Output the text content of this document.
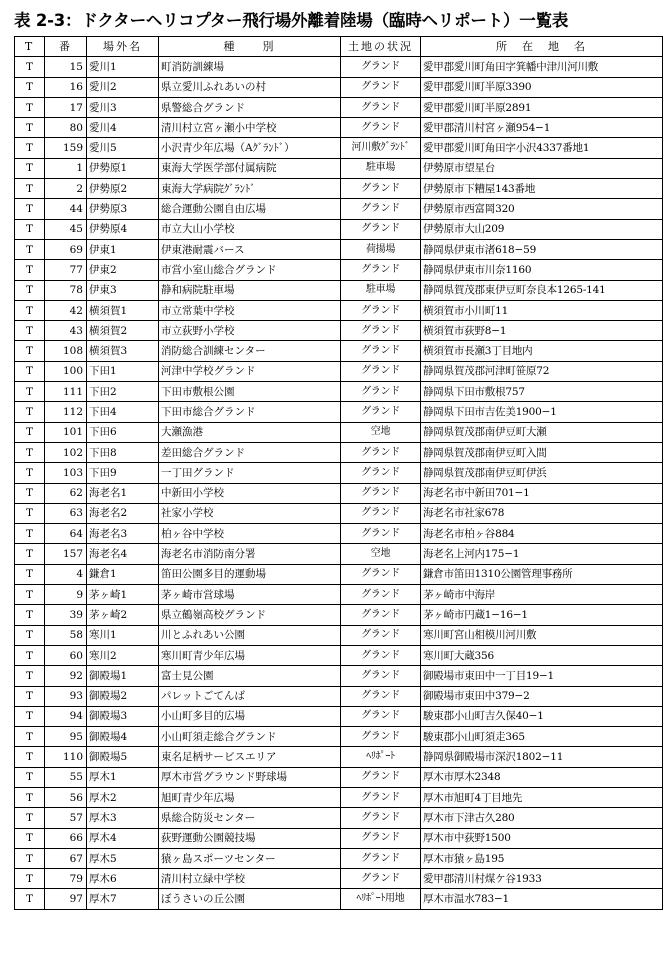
表 2-3：ドクターヘリコプター飛行場外離着陸場（臨時ヘリポート）一覧表
T	番	場外名	種　　別	土地の状況	所　在　地　名
T	15	愛川1	町消防訓練場	グランド	愛甲郡愛川町角田字箕幡中津川河川敷
T	16	愛川2	県立愛川ふれあいの村	グランド	愛甲郡愛川町半原3390
T	17	愛川3	県警総合グランド	グランド	愛甲郡愛川町半原2891
T	80	愛川4	清川村立宮ヶ瀬小中学校	グランド	愛甲郡清川村宮ヶ瀬954−1
T	159	愛川5	小沢青少年広場（Aｸﾞﾗﾝﾄﾞ）	河川敷ｸﾞﾗﾝﾄﾞ	愛甲郡愛川町角田字小沢4337番地1
T	1	伊勢原1	東海大学医学部付属病院	駐車場	伊勢原市望星台
T	2	伊勢原2	東海大学病院ｸﾞﾗﾝﾄﾞ	グランド	伊勢原市下糟屋143番地
T	44	伊勢原3	総合運動公園自由広場	グランド	伊勢原市西富岡320
T	45	伊勢原4	市立大山小学校	グランド	伊勢原市大山209
T	69	伊東1	伊東港耐震バース	荷揚場	静岡県伊東市渚618−59
T	77	伊東2	市営小室山総合グランド	グランド	静岡県伊東市川奈1160
T	78	伊東3	静和病院駐車場	駐車場	静岡県賀茂郡東伊豆町奈良本1265-141
T	42	横須賀1	市立常葉中学校	グランド	横須賀市小川町11
T	43	横須賀2	市立荻野小学校	グランド	横須賀市荻野8−1
T	108	横須賀3	消防総合訓練センター	グランド	横須賀市長瀬3丁目地内
T	100	下田1	河津中学校グランド	グランド	静岡県賀茂郡河津町笹原72
T	111	下田2	下田市敷根公園	グランド	静岡県下田市敷根757
T	112	下田4	下田市総合グランド	グランド	静岡県下田市吉佐美1900−1
T	101	下田6	大瀬漁港	空地	静岡県賀茂郡南伊豆町大瀬
T	102	下田8	差田総合グランド	グランド	静岡県賀茂郡南伊豆町入間
T	103	下田9	一丁田グランド	グランド	静岡県賀茂郡南伊豆町伊浜
T	62	海老名1	中新田小学校	グランド	海老名市中新田701−1
T	63	海老名2	社家小学校	グランド	海老名市社家678
T	64	海老名3	柏ヶ谷中学校	グランド	海老名市柏ヶ谷884
T	157	海老名4	海老名市消防南分署	空地	海老名上河内175−1
T	4	鎌倉1	笛田公園多目的運動場	グランド	鎌倉市笛田1310公園管理事務所
T	9	茅ヶ崎1	茅ヶ崎市営球場	グランド	茅ヶ崎市中海岸
T	39	茅ヶ崎2	県立鶴嶺高校グランド	グランド	茅ヶ崎市円蔵1−16−1
T	58	寒川1	川とふれあい公園	グランド	寒川町宮山相模川河川敷
T	60	寒川2	寒川町青少年広場	グランド	寒川町大蔵356
T	92	御殿場1	富士見公園	グランド	御殿場市東田中一丁目19−1
T	93	御殿場2	パレットごてんば	グランド	御殿場市東田中379−2
T	94	御殿場3	小山町多目的広場	グランド	駿東郡小山町吉久保40−1
T	95	御殿場4	小山町須走総合グランド	グランド	駿東郡小山町須走365
T	110	御殿場5	東名足柄サービスエリア	ﾍﾘﾎﾟｰﾄ	静岡県御殿場市深沢1802−11
T	55	厚木1	厚木市営グラウンド野球場	グランド	厚木市厚木2348
T	56	厚木2	旭町青少年広場	グランド	厚木市旭町4丁目地先
T	57	厚木3	県総合防災センター	グランド	厚木市下津古久280
T	66	厚木4	荻野運動公園競技場	グランド	厚木市中荻野1500
T	67	厚木5	猿ヶ島スポーツセンター	グランド	厚木市猿ヶ島195
T	79	厚木6	清川村立緑中学校	グランド	愛甲郡清川村煤ケ谷1933
T	97	厚木7	ぼうさいの丘公園	ﾍﾘﾎﾟｰﾄ用地	厚木市温水783−1
